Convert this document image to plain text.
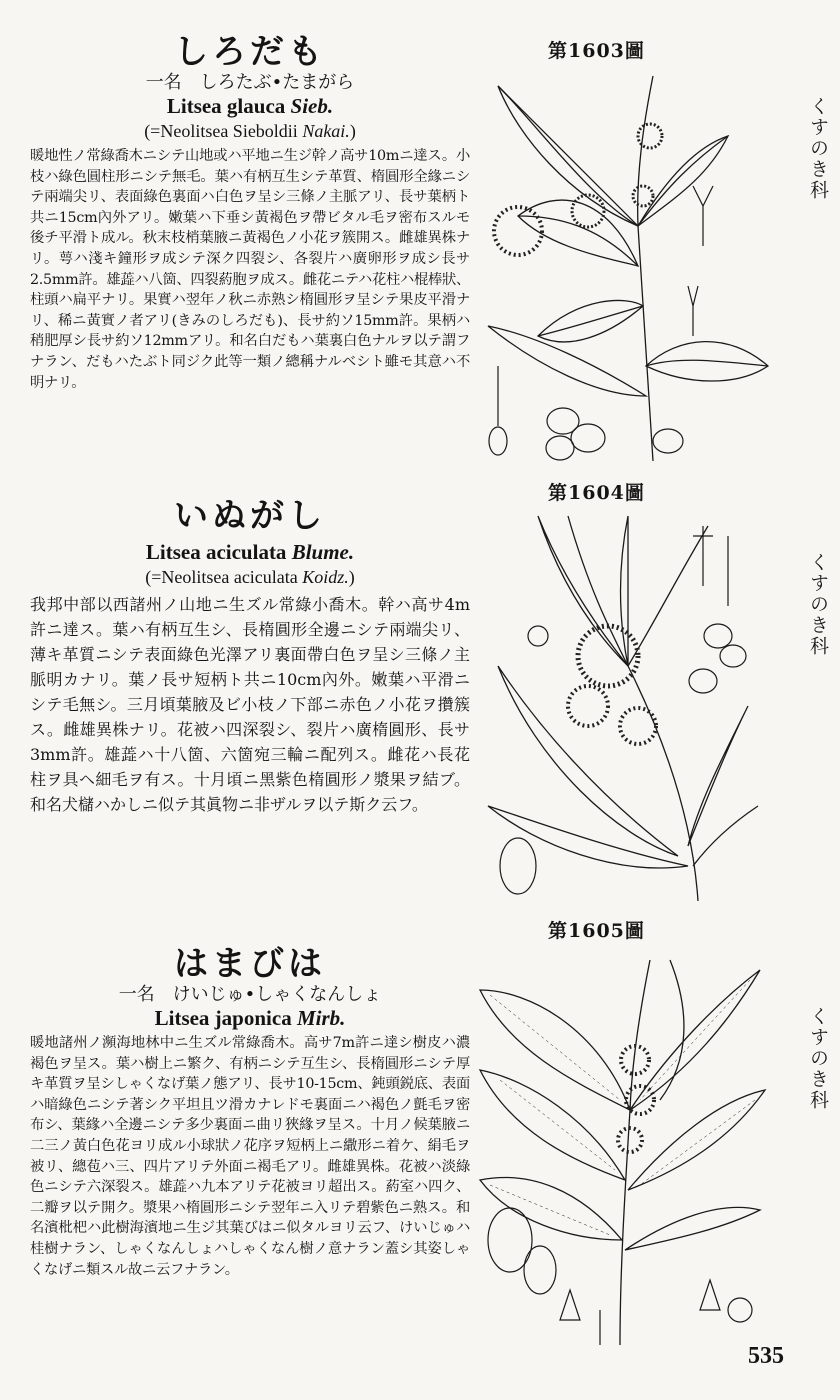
しろだも

一名　しろたぶ•たまがら

Litsea glauca Sieb.

(=Neolitsea Sieboldii Nakai.)

暖地性ノ常綠喬木ニシテ山地或ハ平地ニ生ジ幹ノ高サ10mニ達ス。小枝ハ綠色圓柱形ニシテ無毛。葉ハ有柄互生シテ革質、楕圓形全緣ニシテ兩端尖リ、表面綠色裏面ハ白色ヲ呈シ三條ノ主脈アリ、長サ葉柄ト共ニ15cm內外アリ。嫩葉ハ下垂シ黃褐色ヲ帶ビタル毛ヲ密布スルモ後チ平滑ト成ル。秋末枝梢葉腋ニ黃褐色ノ小花ヲ簇開ス。雌雄異株ナリ。萼ハ淺キ鐘形ヲ成シテ深ク四裂シ、各裂片ハ廣卵形ヲ成シ長サ2.5mm許。雄蕋ハ八箇、四裂葯胞ヲ成ス。雌花ニテハ花柱ハ棍棒狀、柱頭ハ扁平ナリ。果實ハ翌年ノ秋ニ赤熟シ楕圓形ヲ呈シテ果皮平滑ナリ、稀ニ黃實ノ者アリ(きみのしろだも)、長サ約ソ15mm許。果柄ハ稍肥厚シ長サ約ソ12mmアリ。和名白だもハ葉裏白色ナルヲ以テ謂フナラン、だもハたぶト同ジク此等一類ノ總稱ナルベシト雖モ其意ハ不明ナリ。

第1603圖
くすのき科
いぬがし

Litsea aciculata Blume.

(=Neolitsea aciculata Koidz.)

我邦中部以西諸州ノ山地ニ生ズル常綠小喬木。幹ハ高サ4m許ニ達ス。葉ハ有柄互生シ、長楕圓形全邊ニシテ兩端尖リ、薄キ革質ニシテ表面綠色光澤アリ裏面帶白色ヲ呈シ三條ノ主脈明カナリ。葉ノ長サ短柄ト共ニ10cm內外。嫩葉ハ平滑ニシテ毛無シ。三月頃葉腋及ビ小枝ノ下部ニ赤色ノ小花ヲ攢簇ス。雌雄異株ナリ。花被ハ四深裂シ、裂片ハ廣楕圓形、長サ3mm許。雄蕋ハ十八箇、六箇宛三輪ニ配列ス。雌花ハ長花柱ヲ具ヘ細毛ヲ有ス。十月頃ニ黑紫色楕圓形ノ漿果ヲ結ブ。和名犬櫧ハかしニ似テ其眞物ニ非ザルヲ以テ斯ク云フ。

第1604圖
くすのき科
第1605圖
はまびは

一名　けいじゅ•しゃくなんしょ

Litsea japonica Mirb.

暖地諸州ノ瀕海地林中ニ生ズル常綠喬木。高サ7m許ニ達シ樹皮ハ濃褐色ヲ呈ス。葉ハ樹上ニ繁ク、有柄ニシテ互生シ、長楕圓形ニシテ厚キ革質ヲ呈シしゃくなげ葉ノ態アリ、長サ10-15cm、鈍頭鋭底、表面ハ暗綠色ニシテ著シク平坦且ツ滑カナレドモ裏面ニハ褐色ノ氈毛ヲ密布シ、葉緣ハ全邊ニシテ多少裏面ニ曲リ狹緣ヲ呈ス。十月ノ候葉腋ニ二三ノ黃白色花ヨリ成ル小球狀ノ花序ヲ短柄上ニ繖形ニ着ケ、絹毛ヲ被リ、總苞ハ三、四片アリテ外面ニ褐毛アリ。雌雄異株。花被ハ淡綠色ニシテ六深裂ス。雄蕋ハ九本アリテ花被ヨリ超出ス。葯室ハ四ク、二瓣ヲ以テ開ク。漿果ハ楕圓形ニシテ翌年ニ入リテ碧紫色ニ熟ス。和名濱枇杷ハ此樹海濱地ニ生ジ其葉びはニ似タルヨリ云フ、けいじゅハ桂樹ナラン、しゃくなんしょハしゃくなん樹ノ意ナラン蓋シ其姿しゃくなげニ類スル故ニ云フナラン。

くすのき科
535
